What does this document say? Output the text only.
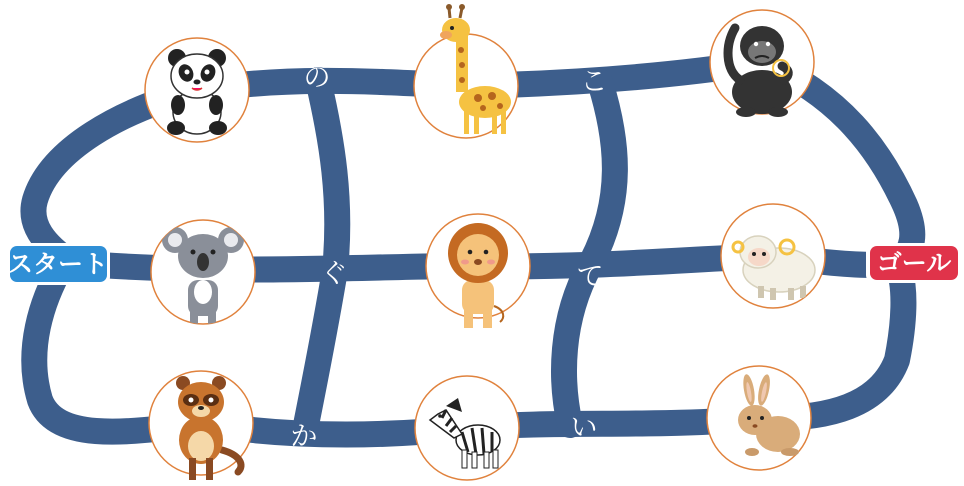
の	こ
ぐ	て
か	い
スタート	ゴール
